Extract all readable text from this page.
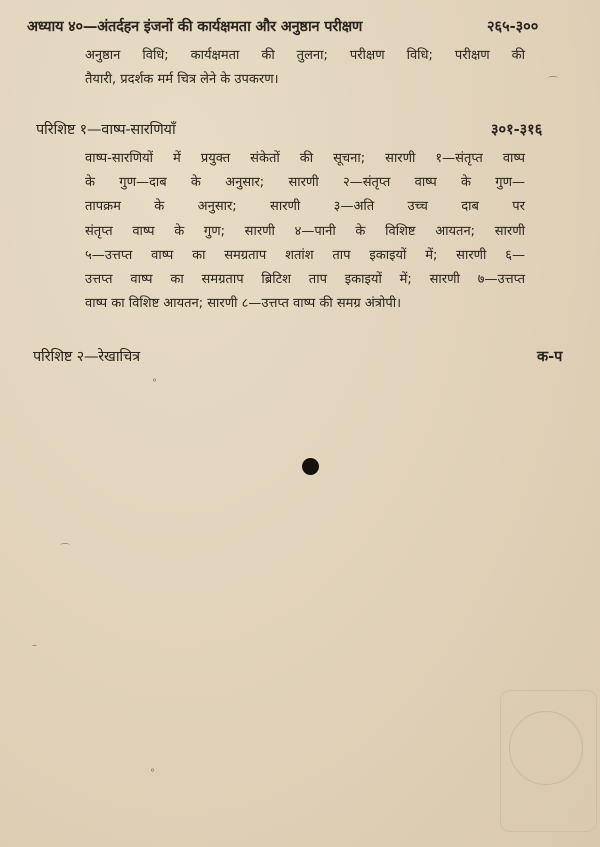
अध्याय ४०—अंतर्दहन इंजनों की कार्यक्षमता और अनुष्ठान परीक्षण	२६५-३००
अनुष्ठान विधि; कार्यक्षमता की तुलना; परीक्षण विधि; परीक्षण की
तैयारी, प्रदर्शक मर्म चित्र लेने के उपकरण।
परिशिष्ट १—वाष्प-सारणियाँ	३०१-३१६
वाष्प-सारणियों में प्रयुक्त संकेतों की सूचना; सारणी १—संतृप्त वाष्प
के गुण—दाब के अनुसार; सारणी २—संतृप्त वाष्प के गुण—
तापक्रम के अनुसार; सारणी ३—अति उच्च दाब पर
संतृप्त वाष्प के गुण; सारणी ४—पानी के विशिष्ट आयतन; सारणी
५—उत्तप्त वाष्प का समग्रताप शतांश ताप इकाइयों में; सारणी ६—
उत्तप्त वाष्प का समग्रताप ब्रिटिश ताप इकाइयों में; सारणी ७—उत्तप्त
वाष्प का विशिष्ट आयतन; सारणी ८—उत्तप्त वाष्प की समग्र अंत्रोपी।
परिशिष्ट २—रेखाचित्र	क-प
°
⌒
–
°
⌒
